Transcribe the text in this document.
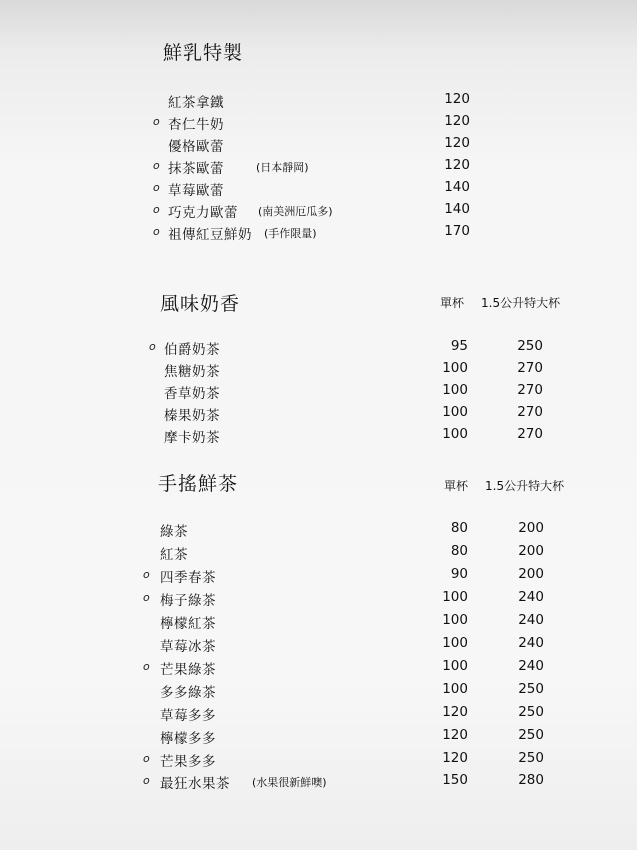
鮮乳特製
紅茶拿鐵	120
o 杏仁牛奶	120
優格歐蕾	120
o 抹茶歐蕾	(日本靜岡)	120
o 草莓歐蕾	140
o 巧克力歐蕾 (南美洲厄瓜多)	140
o 祖傳紅豆鮮奶 (手作限量)	170
風味奶香	單杯 1.5公升特大杯
o 伯爵奶茶	95	250
焦糖奶茶	100	270
香草奶茶	100	270
榛果奶茶	100	270
摩卡奶茶	100	270
手搖鮮茶	單杯 1.5公升特大杯
綠茶	80	200
紅茶	80	200
o 四季春茶	90	200
o 梅子綠茶	100	240
檸檬紅茶	100	240
草莓冰茶	100	240
o 芒果綠茶	100	240
多多綠茶	100	250
草莓多多	120	250
檸檬多多	120	250
o 芒果多多	120	250
o 最狂水果茶 (水果很新鮮噢)	150	280
